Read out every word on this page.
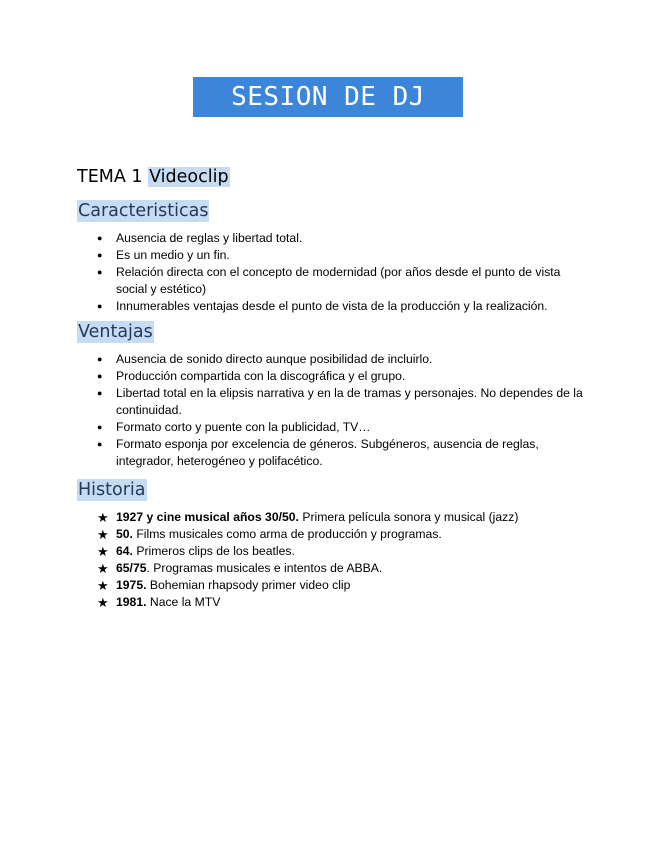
SESION DE DJ
TEMA 1 Videoclip
Caracteristicas
●	Ausencia de reglas y libertad total.
●	Es un medio y un fin.
●	Relación directa con el concepto de modernidad (por años desde el punto de vista social y estético)
●	Innumerables ventajas desde el punto de vista de la producción y la realización.
Ventajas
●	Ausencia de sonido directo aunque posibilidad de incluirlo.
●	Producción compartida con la discográfica y el grupo.
●	Libertad total en la elipsis narrativa y en la de tramas y personajes. No dependes de la continuidad.
●	Formato corto y puente con la publicidad, TV…
●	Formato esponja por excelencia de géneros. Subgéneros, ausencia de reglas, integrador, heterogéneo y polifacético.
Historia
★ 1927 y cine musical años 30/50. Primera película sonora y musical (jazz)
★ 50. Films musicales como arma de producción y programas.
★ 64. Primeros clips de los beatles.
★ 65/75. Programas musicales e intentos de ABBA.
★ 1975. Bohemian rhapsody primer video clip
★ 1981. Nace la MTV
